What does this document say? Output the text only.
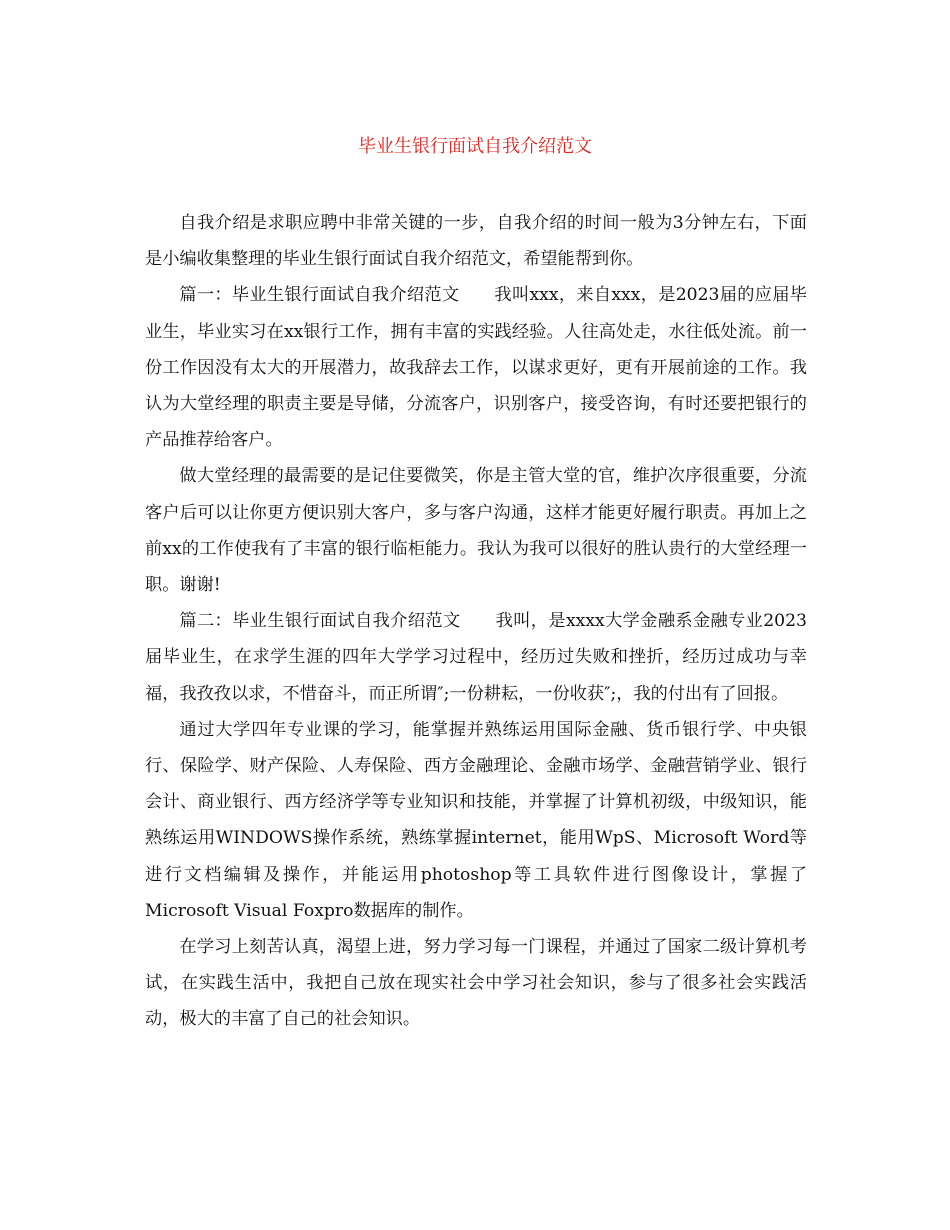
毕业生银行面试自我介绍范文

自我介绍是求职应聘中非常关键的一步，自我介绍的时间一般为3分钟左右，下面是小编收集整理的毕业生银行面试自我介绍范文，希望能帮到你。

篇一：毕业生银行面试自我介绍范文　　我叫xxx，来自xxx，是2023届的应届毕业生，毕业实习在xx银行工作，拥有丰富的实践经验。人往高处走，水往低处流。前一份工作因没有太大的开展潜力，故我辞去工作，以谋求更好，更有开展前途的工作。我认为大堂经理的职责主要是导储，分流客户，识别客户，接受咨询，有时还要把银行的产品推荐给客户。

做大堂经理的最需要的是记住要微笑，你是主管大堂的官，维护次序很重要，分流客户后可以让你更方便识别大客户，多与客户沟通，这样才能更好履行职责。再加上之前xx的工作使我有了丰富的银行临柜能力。我认为我可以很好的胜认贵行的大堂经理一职。谢谢!

篇二：毕业生银行面试自我介绍范文　　我叫，是xxxx大学金融系金融专业2023届毕业生，在求学生涯的四年大学学习过程中，经历过失败和挫折，经历过成功与幸福，我孜孜以求，不惜奋斗，而正所谓″;一份耕耘，一份收获″;，我的付出有了回报。

通过大学四年专业课的学习，能掌握并熟练运用国际金融、货币银行学、中央银行、保险学、财产保险、人寿保险、西方金融理论、金融市场学、金融营销学业、银行会计、商业银行、西方经济学等专业知识和技能，并掌握了计算机初级，中级知识，能熟练运用WINDOWS操作系统，熟练掌握internet，能用WpS、Microsoft Word等进行文档编辑及操作，并能运用photoshop等工具软件进行图像设计，掌握了Microsoft Visual Foxpro数据库的制作。

在学习上刻苦认真，渴望上进，努力学习每一门课程，并通过了国家二级计算机考试，在实践生活中，我把自己放在现实社会中学习社会知识，参与了很多社会实践活动，极大的丰富了自己的社会知识。
